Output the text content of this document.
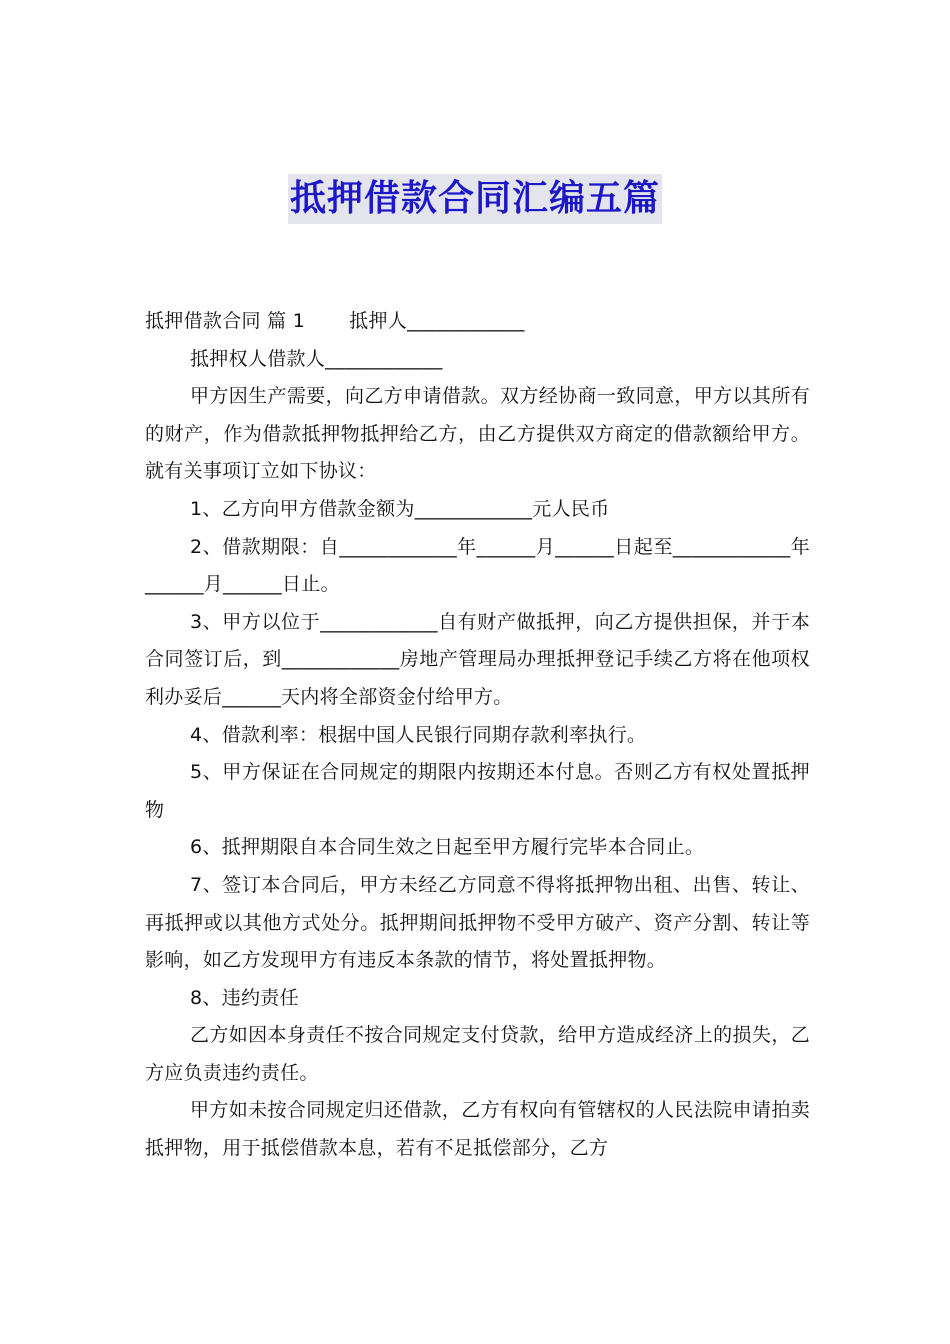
抵押借款合同汇编五篇

抵押借款合同 篇 1 抵押人____________

抵押权人借款人____________

甲方因生产需要，向乙方申请借款。双方经协商一致同意，甲方以其所有的财产，作为借款抵押物抵押给乙方，由乙方提供双方商定的借款额给甲方。就有关事项订立如下协议：

1、乙方向甲方借款金额为____________元人民币

2、借款期限：自____________年______月______日起至____________年______月______日止。

3、甲方以位于____________自有财产做抵押，向乙方提供担保，并于本合同签订后，到____________房地产管理局办理抵押登记手续乙方将在他项权利办妥后______天内将全部资金付给甲方。

4、借款利率：根据中国人民银行同期存款利率执行。

5、甲方保证在合同规定的期限内按期还本付息。否则乙方有权处置抵押物

6、抵押期限自本合同生效之日起至甲方履行完毕本合同止。

7、签订本合同后，甲方未经乙方同意不得将抵押物出租、出售、转让、再抵押或以其他方式处分。抵押期间抵押物不受甲方破产、资产分割、转让等影响，如乙方发现甲方有违反本条款的情节，将处置抵押物。

8、违约责任

乙方如因本身责任不按合同规定支付贷款，给甲方造成经济上的损失，乙方应负责违约责任。

甲方如未按合同规定归还借款，乙方有权向有管辖权的人民法院申请拍卖抵押物，用于抵偿借款本息，若有不足抵偿部分，乙方
